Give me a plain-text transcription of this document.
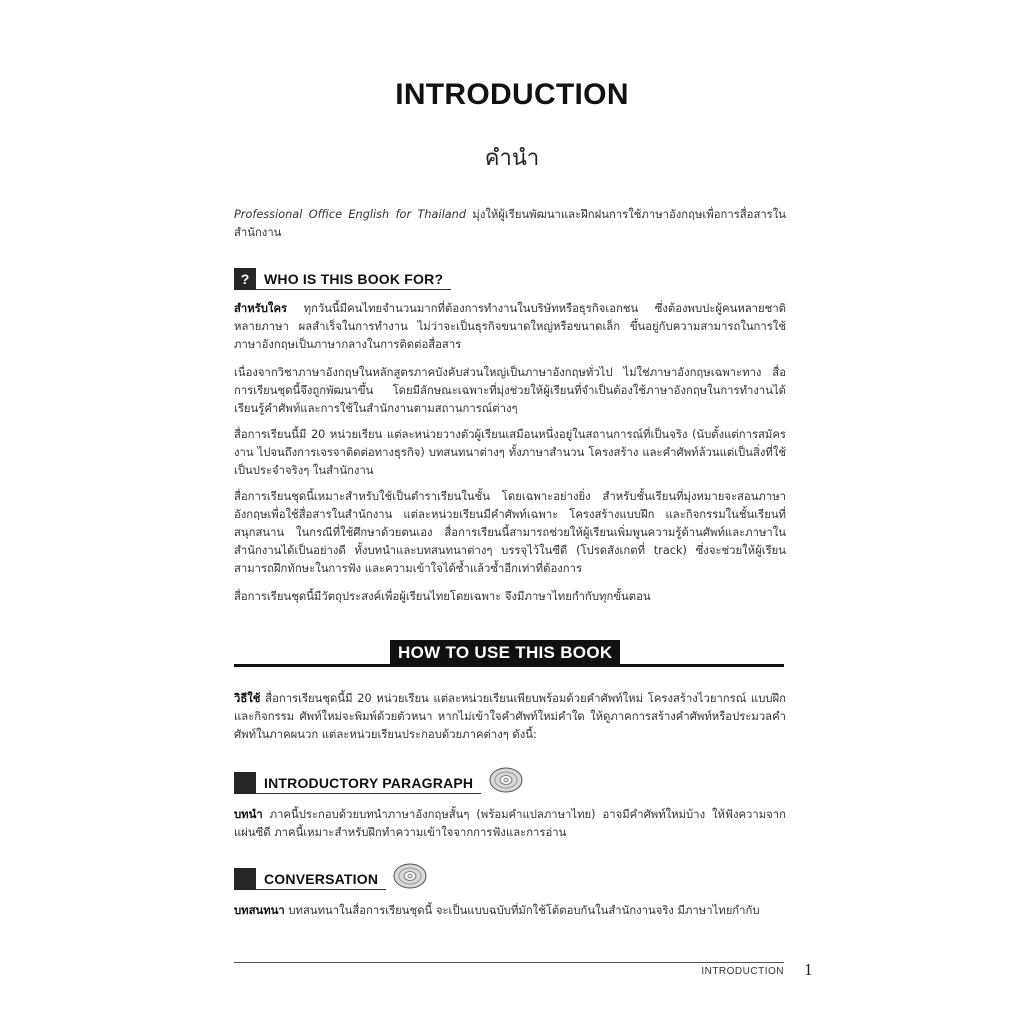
INTRODUCTION
คำนำ

Professional Office English for Thailand มุ่งให้ผู้เรียนพัฒนาและฝึกฝนการใช้ภาษาอังกฤษเพื่อการสื่อสารในสำนักงาน

?	WHO IS THIS BOOK FOR?

สำหรับใคร ทุกวันนี้มีคนไทยจำนวนมากที่ต้องการทำงานในบริษัทหรือธุรกิจเอกชน ซึ่งต้องพบปะผู้คนหลายชาติหลายภาษา ผลสำเร็จในการทำงาน ไม่ว่าจะเป็นธุรกิจขนาดใหญ่หรือขนาดเล็ก ขึ้นอยู่กับความสามารถในการใช้ภาษาอังกฤษเป็นภาษากลางในการติดต่อสื่อสาร

เนื่องจากวิชาภาษาอังกฤษในหลักสูตรภาคบังคับส่วนใหญ่เป็นภาษาอังกฤษทั่วไป ไม่ใช่ภาษาอังกฤษเฉพาะทาง สื่อการเรียนชุดนี้จึงถูกพัฒนาขึ้น โดยมีลักษณะเฉพาะที่มุ่งช่วยให้ผู้เรียนที่จำเป็นต้องใช้ภาษาอังกฤษในการทำงานได้เรียนรู้คำศัพท์และการใช้ในสำนักงานตามสถานการณ์ต่างๆ

สื่อการเรียนนี้มี 20 หน่วยเรียน แต่ละหน่วยวางตัวผู้เรียนเสมือนหนึ่งอยู่ในสถานการณ์ที่เป็นจริง (นับตั้งแต่การสมัครงาน ไปจนถึงการเจรจาติดต่อทางธุรกิจ) บทสนทนาต่างๆ ทั้งภาษาสำนวน โครงสร้าง และคำศัพท์ล้วนแต่เป็นสิ่งที่ใช้เป็นประจำจริงๆ ในสำนักงาน

สื่อการเรียนชุดนี้เหมาะสำหรับใช้เป็นตำราเรียนในชั้น โดยเฉพาะอย่างยิ่ง สำหรับชั้นเรียนที่มุ่งหมายจะสอนภาษาอังกฤษเพื่อใช้สื่อสารในสำนักงาน แต่ละหน่วยเรียนมีคำศัพท์เฉพาะ โครงสร้างแบบฝึก และกิจกรรมในชั้นเรียนที่สนุกสนาน ในกรณีที่ใช้ศึกษาด้วยตนเอง สื่อการเรียนนี้สามารถช่วยให้ผู้เรียนเพิ่มพูนความรู้ด้านศัพท์และภาษาในสำนักงานได้เป็นอย่างดี ทั้งบทนำและบทสนทนาต่างๆ บรรจุไว้ในซีดี (โปรดสังเกตที่ track) ซึ่งจะช่วยให้ผู้เรียนสามารถฝึกทักษะในการฟัง และความเข้าใจได้ซ้ำแล้วซ้ำอีกเท่าที่ต้องการ

สื่อการเรียนชุดนี้มีวัตถุประสงค์เพื่อผู้เรียนไทยโดยเฉพาะ จึงมีภาษาไทยกำกับทุกขั้นตอน

HOW TO USE THIS BOOK

วิธีใช้ สื่อการเรียนชุดนี้มี 20 หน่วยเรียน แต่ละหน่วยเรียนเพียบพร้อมด้วยคำศัพท์ใหม่ โครงสร้างไวยากรณ์ แบบฝึกและกิจกรรม ศัพท์ใหม่จะพิมพ์ด้วยตัวหนา หากไม่เข้าใจคำศัพท์ใหม่คำใด ให้ดูภาคการสร้างคำศัพท์หรือประมวลคำศัพท์ในภาคผนวก แต่ละหน่วยเรียนประกอบด้วยภาคต่างๆ ดังนี้:

INTRODUCTORY PARAGRAPH

บทนำ ภาคนี้ประกอบด้วยบทนำภาษาอังกฤษสั้นๆ (พร้อมคำแปลภาษาไทย) อาจมีคำศัพท์ใหม่บ้าง ให้ฟังความจากแผ่นซีดี ภาคนี้เหมาะสำหรับฝึกทำความเข้าใจจากการฟังและการอ่าน

CONVERSATION

บทสนทนา บทสนทนาในสื่อการเรียนชุดนี้ จะเป็นแบบฉบับที่มักใช้โต้ตอบกันในสำนักงานจริง มีภาษาไทยกำกับ

INTRODUCTION 1
